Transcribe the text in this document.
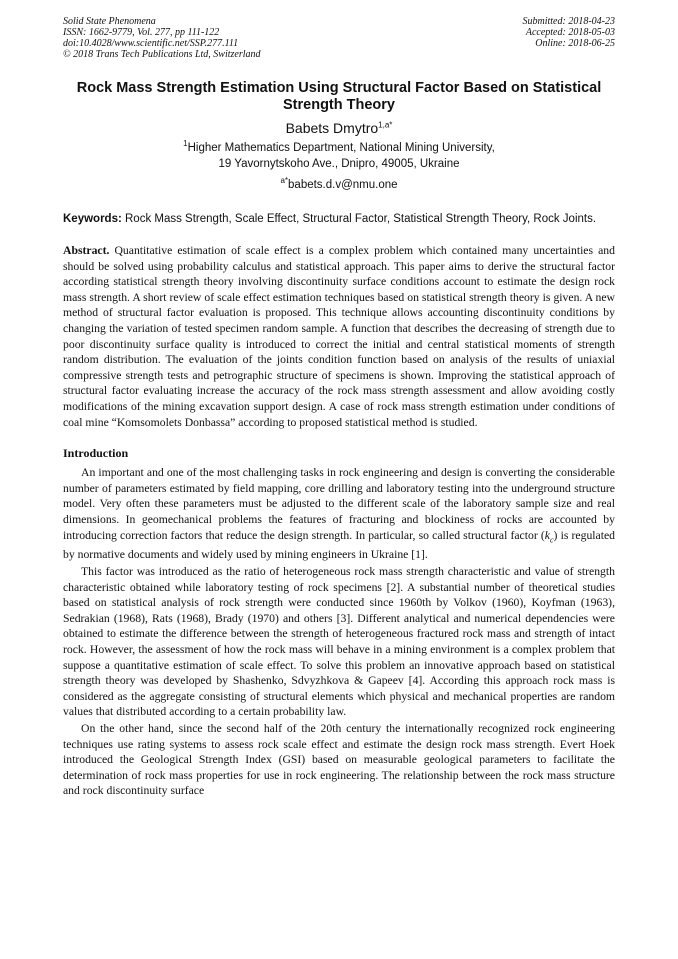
Solid State Phenomena
ISSN: 1662-9779, Vol. 277, pp 111-122
doi:10.4028/www.scientific.net/SSP.277.111
© 2018 Trans Tech Publications Ltd, Switzerland
Submitted: 2018-04-23
Accepted: 2018-05-03
Online: 2018-06-25
Rock Mass Strength Estimation Using Structural Factor Based on Statistical Strength Theory
Babets Dmytro$^{1,a*}$
$^1$Higher Mathematics Department, National Mining University,
19 Yavornytskoho Ave., Dnipro, 49005, Ukraine
$^{a*}$babets.d.v@nmu.one
Keywords: Rock Mass Strength, Scale Effect, Structural Factor, Statistical Strength Theory, Rock Joints.
Abstract. Quantitative estimation of scale effect is a complex problem which contained many uncertainties and should be solved using probability calculus and statistical approach. This paper aims to derive the structural factor according statistical strength theory involving discontinuity surface conditions account to estimate the design rock mass strength. A short review of scale effect estimation techniques based on statistical strength theory is given. A new method of structural factor evaluation is proposed. This technique allows accounting discontinuity conditions by changing the variation of tested specimen random sample. A function that describes the decreasing of strength due to poor discontinuity surface quality is introduced to correct the initial and central statistical moments of strength random distribution. The evaluation of the joints condition function based on analysis of the results of uniaxial compressive strength tests and petrographic structure of specimens is shown. Improving the statistical approach of structural factor evaluating increase the accuracy of the rock mass strength assessment and allow avoiding costly modifications of the mining excavation support design. A case of rock mass strength estimation under conditions of coal mine “Komsomolets Donbassa” according to proposed statistical method is studied.
Introduction

An important and one of the most challenging tasks in rock engineering and design is converting the considerable number of parameters estimated by field mapping, core drilling and laboratory testing into the underground structure model. Very often these parameters must be adjusted to the different scale of the laboratory sample size and real dimensions. In geomechanical problems the features of fracturing and blockiness of rocks are accounted by introducing correction factors that reduce the design strength. In particular, so called structural factor $(k_c)$ is regulated by normative documents and widely used by mining engineers in Ukraine [1].

This factor was introduced as the ratio of heterogeneous rock mass strength characteristic and value of strength characteristic obtained while laboratory testing of rock specimens [2]. A substantial number of theoretical studies based on statistical analysis of rock strength were conducted since 1960th by Volkov (1960), Koyfman (1963), Sedrakian (1968), Rats (1968), Brady (1970) and others [3]. Different analytical and numerical dependencies were obtained to estimate the difference between the strength of heterogeneous fractured rock mass and strength of intact rock. However, the assessment of how the rock mass will behave in a mining environment is a complex problem that suppose a quantitative estimation of scale effect. To solve this problem an innovative approach based on statistical strength theory was developed by Shashenko, Sdvyzhkova & Gapeev [4]. According this approach rock mass is considered as the aggregate consisting of structural elements which physical and mechanical properties are random values that distributed according to a certain probability law.

On the other hand, since the second half of the 20th century the internationally recognized rock engineering techniques use rating systems to assess rock scale effect and estimate the design rock mass strength. Evert Hoek introduced the Geological Strength Index (GSI) based on measurable geological parameters to facilitate the determination of rock mass properties for use in rock engineering. The relationship between the rock mass structure and rock discontinuity surface
